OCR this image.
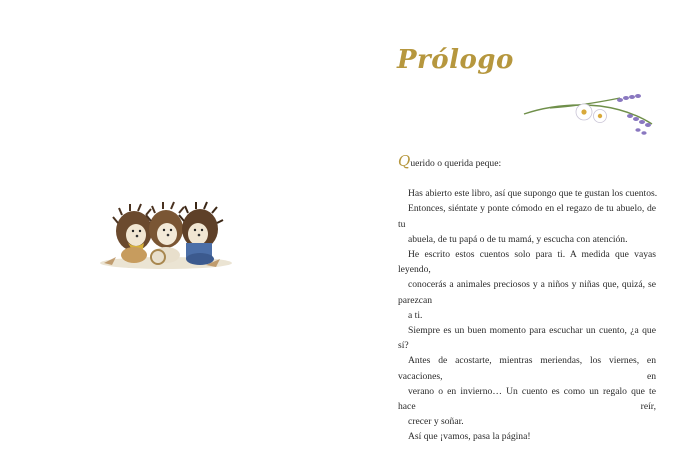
Prólogo

Querido o querida peque:

Has abierto este libro, así que supongo que te gustan los cuentos.

Entonces, siéntate y ponte cómodo en el regazo de tu abuelo, de tu
abuela, de tu papá o de tu mamá, y escucha con atención.

He escrito estos cuentos solo para ti. A medida que vayas leyendo,
conocerás a animales preciosos y a niños y niñas que, quizá, se parezcan
a ti.

Siempre es un buen momento para escuchar un cuento, ¿a que sí?
Antes de acostarte, mientras meriendas, los viernes, en vacaciones, en
verano o en invierno… Un cuento es como un regalo que te hace reír,
crecer y soñar.

Así que ¡vamos, pasa la página!
